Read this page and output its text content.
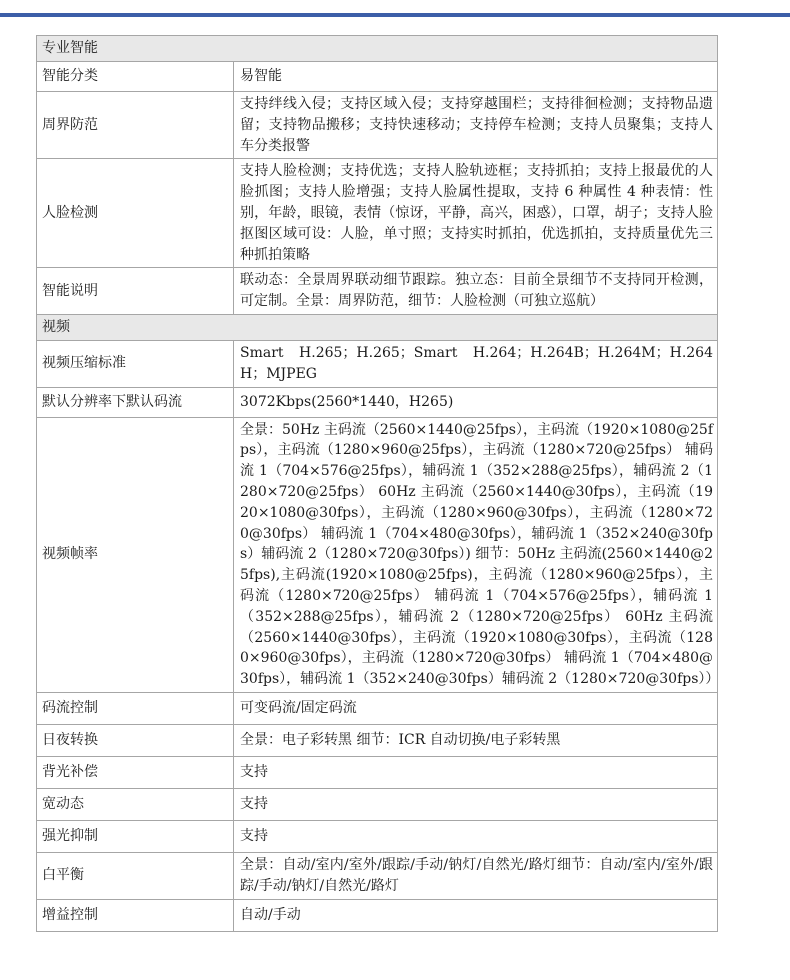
专业智能	
智能分类	易智能
周界防范	支持绊线入侵；支持区域入侵；支持穿越围栏；支持徘徊检测；支持物品遗留；支持物品搬移；支持快速移动；支持停车检测；支持人员聚集；支持人车分类报警
人脸检测	支持人脸检测；支持优选；支持人脸轨迹框；支持抓拍；支持上报最优的人脸抓图；支持人脸增强；支持人脸属性提取，支持 6 种属性 4 种表情：性别，年龄，眼镜，表情（惊讶，平静，高兴，困惑），口罩，胡子；支持人脸抠图区域可设：人脸，单寸照；支持实时抓拍，优选抓拍，支持质量优先三种抓拍策略
智能说明	联动态：全景周界联动细节跟踪。独立态：目前全景细节不支持同开检测，可定制。全景：周界防范，细节：人脸检测（可独立巡航）
视频	
视频压缩标准	Smart H.265；H.265；Smart H.264；H.264B；H.264M；H.264H；MJPEG
默认分辨率下默认码流	3072Kbps(2560*1440，H265)
视频帧率	全景：50Hz 主码流（2560×1440@25fps），主码流（1920×1080@25fps），主码流（1280×960@25fps），主码流（1280×720@25fps） 辅码流 1（704×576@25fps），辅码流 1（352×288@25fps），辅码流 2（1280×720@25fps） 60Hz 主码流（2560×1440@30fps），主码流（1920×1080@30fps），主码流（1280×960@30fps），主码流（1280×720@30fps） 辅码流 1（704×480@30fps），辅码流 1（352×240@30fps）辅码流 2（1280×720@30fps）) 细节：50Hz 主码流(2560×1440@25fps),主码流(1920×1080@25fps)，主码流（1280×960@25fps），主码流（1280×720@25fps） 辅码流 1（704×576@25fps），辅码流 1（352×288@25fps），辅码流 2（1280×720@25fps） 60Hz 主码流（2560×1440@30fps），主码流（1920×1080@30fps），主码流（1280×960@30fps），主码流（1280×720@30fps） 辅码流 1（704×480@30fps），辅码流 1（352×240@30fps）辅码流 2（1280×720@30fps））
码流控制	可变码流/固定码流
日夜转换	全景：电子彩转黑 细节：ICR 自动切换/电子彩转黑
背光补偿	支持
宽动态	支持
强光抑制	支持
白平衡	全景：自动/室内/室外/跟踪/手动/钠灯/自然光/路灯细节：自动/室内/室外/跟踪/手动/钠灯/自然光/路灯
增益控制	自动/手动
